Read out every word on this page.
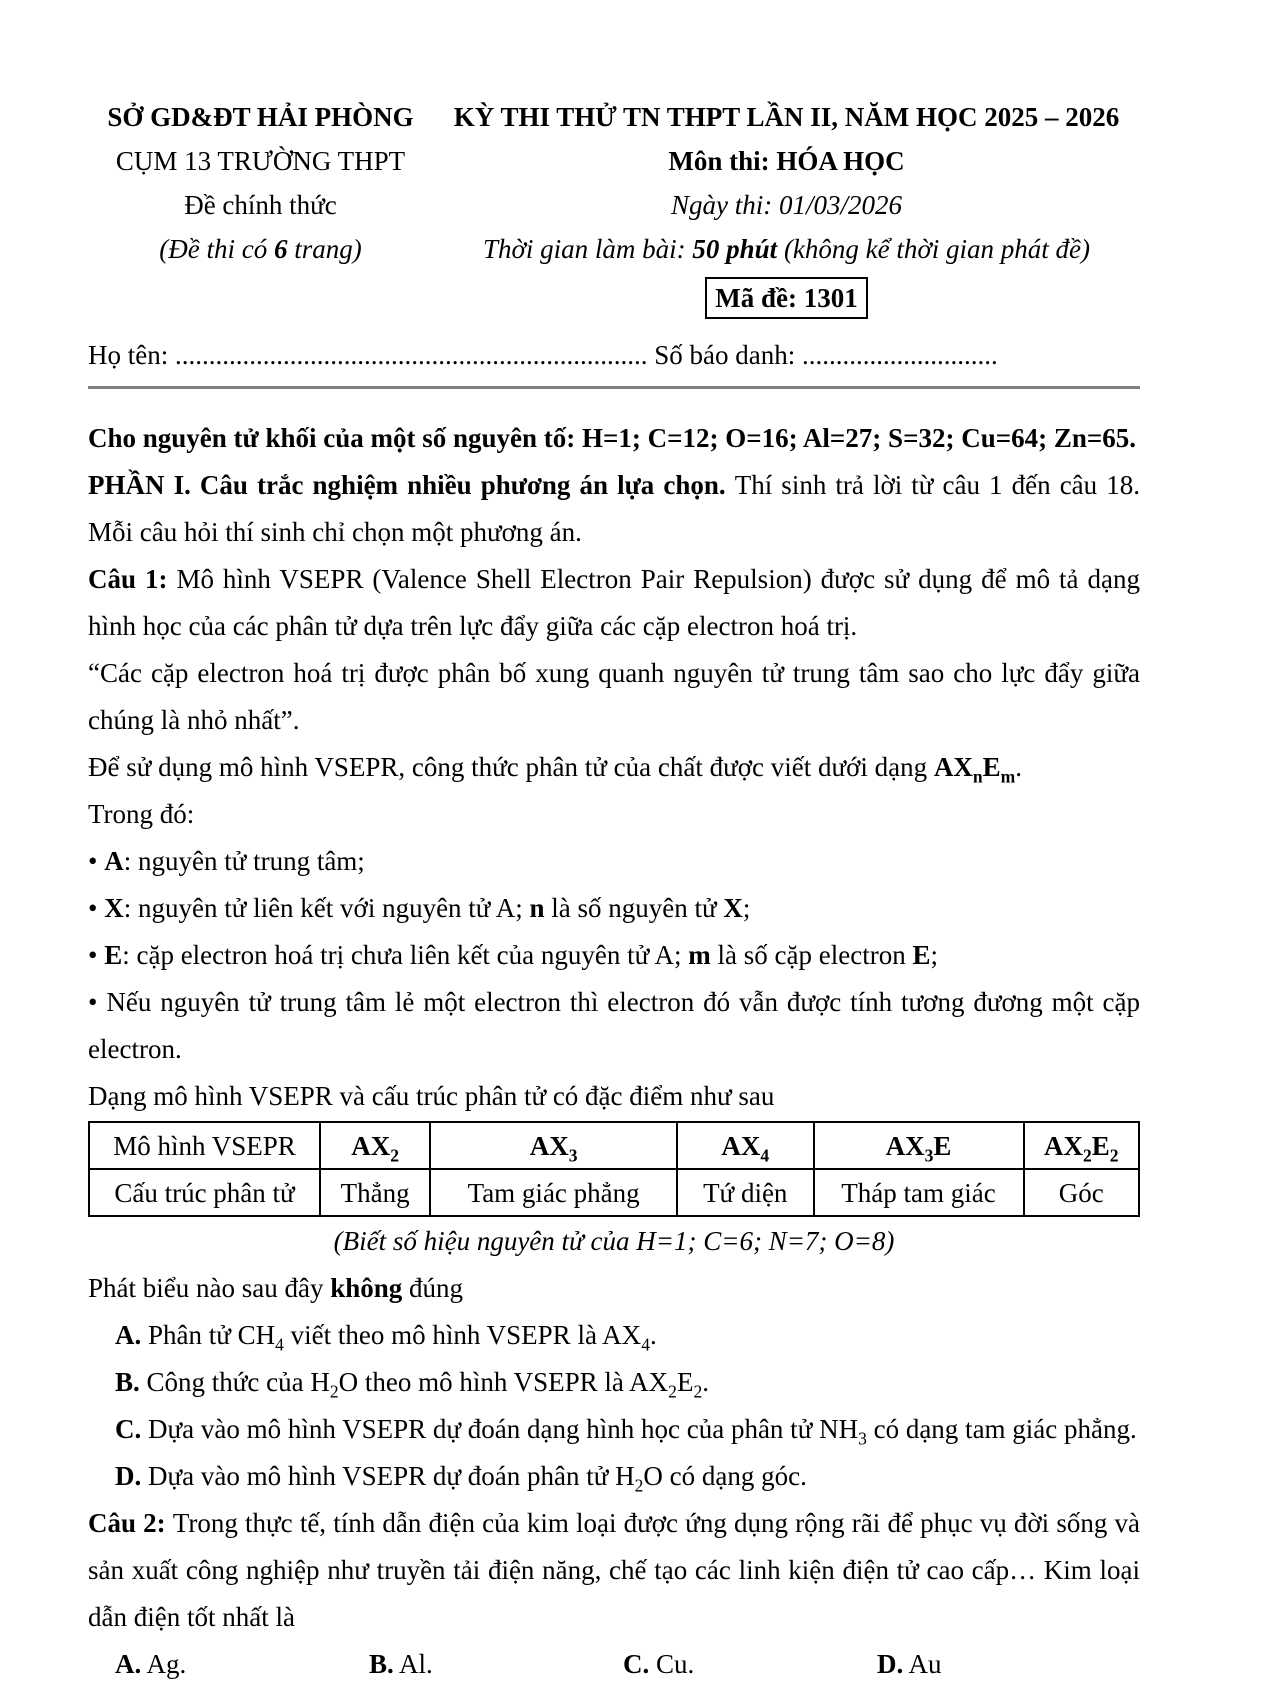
SỞ GD&ĐT HẢI PHÒNG
CỤM 13 TRƯỜNG THPT
Đề chính thức
(Đề thi có 6 trang)
KỲ THI THỬ TN THPT LẦN II, NĂM HỌC 2025 – 2026
Môn thi: HÓA HỌC
Ngày thi: 01/03/2026
Thời gian làm bài: 50 phút (không kể thời gian phát đề)
Mã đề: 1301
Họ tên: ...................................................................... Số báo danh: .............................

Cho nguyên tử khối của một số nguyên tố: H=1; C=12; O=16; Al=27; S=32; Cu=64; Zn=65.

PHẦN I. Câu trắc nghiệm nhiều phương án lựa chọn. Thí sinh trả lời từ câu 1 đến câu 18. Mỗi câu hỏi thí sinh chỉ chọn một phương án.

Câu 1: Mô hình VSEPR (Valence Shell Electron Pair Repulsion) được sử dụng để mô tả dạng hình học của các phân tử dựa trên lực đẩy giữa các cặp electron hoá trị.

“Các cặp electron hoá trị được phân bố xung quanh nguyên tử trung tâm sao cho lực đẩy giữa chúng là nhỏ nhất”.

Để sử dụng mô hình VSEPR, công thức phân tử của chất được viết dưới dạng $AX_nE_m$.

Trong đó:

• A: nguyên tử trung tâm;

• X: nguyên tử liên kết với nguyên tử A; n là số nguyên tử X;

• E: cặp electron hoá trị chưa liên kết của nguyên tử A; m là số cặp electron E;

• Nếu nguyên tử trung tâm lẻ một electron thì electron đó vẫn được tính tương đương một cặp electron.

Dạng mô hình VSEPR và cấu trúc phân tử có đặc điểm như sau

Mô hình VSEPR	$AX_2$	$AX_3$	$AX_4$	$AX_3E$	$AX_2E_2$
Cấu trúc phân tử	Thẳng	Tam giác phẳng	Tứ diện	Tháp tam giác	Góc

(Biết số hiệu nguyên tử của H=1; C=6; N=7; O=8)

Phát biểu nào sau đây không đúng

A. Phân tử $CH_4$ viết theo mô hình VSEPR là $AX_4$.

B. Công thức của $H_2O$ theo mô hình VSEPR là $AX_2E_2$.

C. Dựa vào mô hình VSEPR dự đoán dạng hình học của phân tử $NH_3$ có dạng tam giác phẳng.

D. Dựa vào mô hình VSEPR dự đoán phân tử $H_2O$ có dạng góc.

Câu 2: Trong thực tế, tính dẫn điện của kim loại được ứng dụng rộng rãi để phục vụ đời sống và sản xuất công nghiệp như truyền tải điện năng, chế tạo các linh kiện điện tử cao cấp… Kim loại dẫn điện tốt nhất là

A. Ag.	B. Al.	C. Cu.	D. Au
